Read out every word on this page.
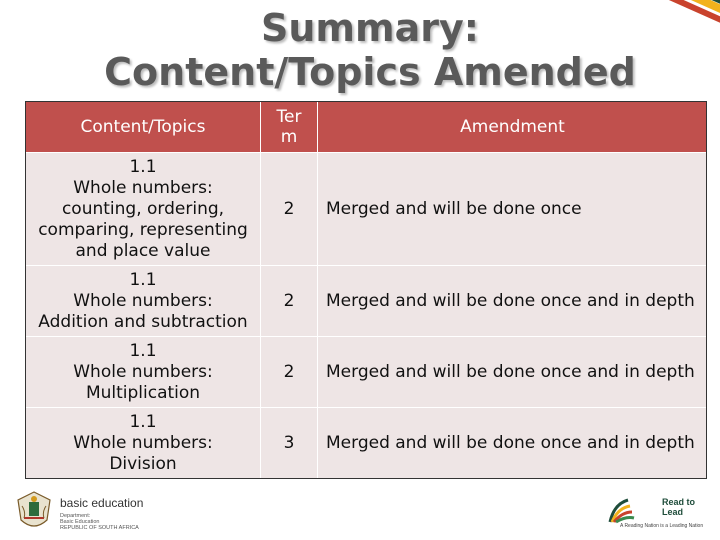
Summary: Content/Topics Amended
Content/Topics	Ter m	Amendment

1.1
Whole numbers:
counting, ordering,
comparing, representing
and place value	2	Merged and will be done once

1.1
Whole numbers:
Addition and subtraction	2	Merged and will be done once and in depth

1.1
Whole numbers:
Multiplication	2	Merged and will be done once and in depth

1.1
Whole numbers:
Division	3	Merged and will be done once and in depth
basic education
Department:
Basic Education
REPUBLIC OF SOUTH AFRICA
Read to Lead
A Reading Nation is a Leading Nation
